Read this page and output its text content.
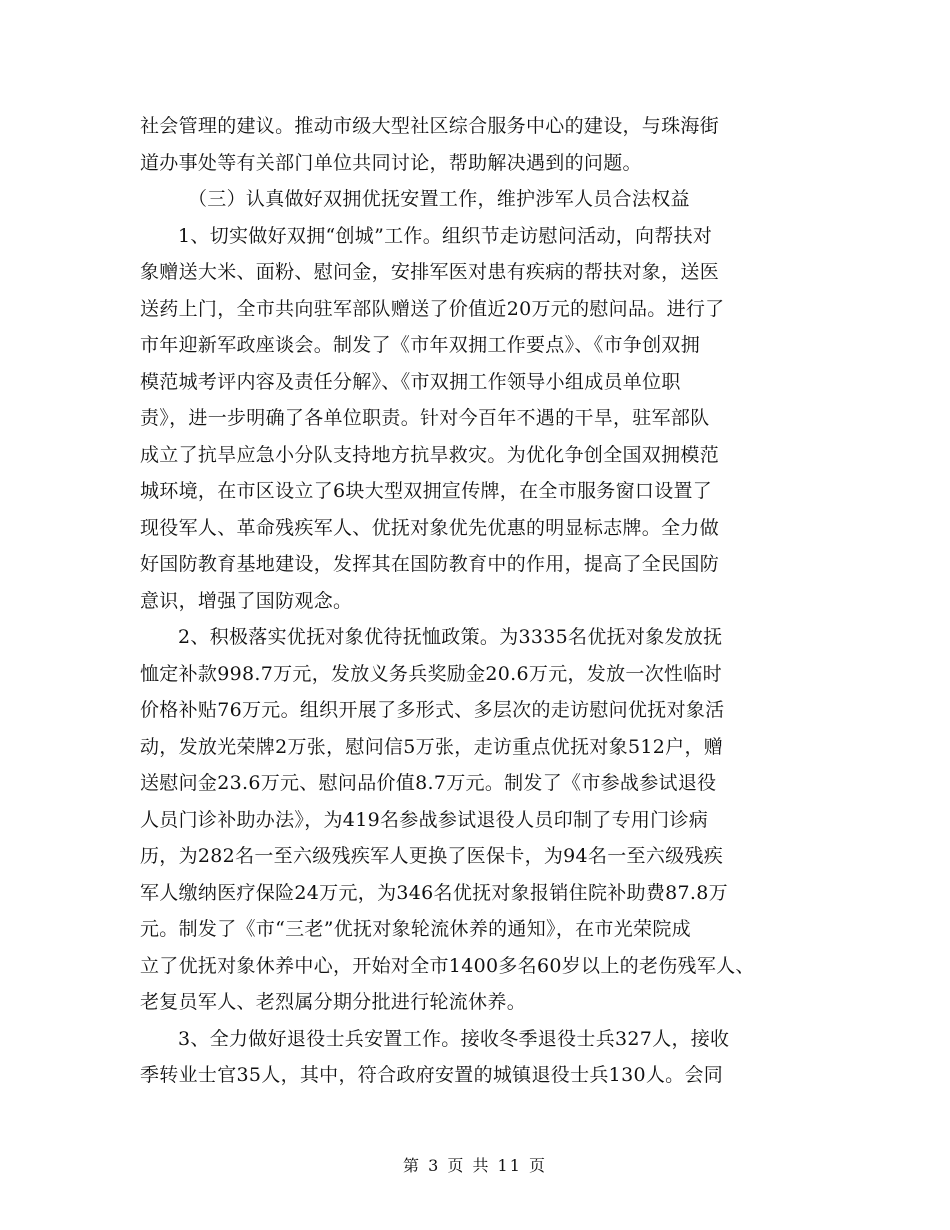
社会管理的建议。推动市级大型社区综合服务中心的建设，与珠海街
道办事处等有关部门单位共同讨论，帮助解决遇到的问题。
（三）认真做好双拥优抚安置工作，维护涉军人员合法权益
1、切实做好双拥“创城”工作。组织节走访慰问活动，向帮扶对
象赠送大米、面粉、慰问金，安排军医对患有疾病的帮扶对象，送医
送药上门，全市共向驻军部队赠送了价值近20万元的慰问品。进行了
市年迎新军政座谈会。制发了《市年双拥工作要点》、《市争创双拥
模范城考评内容及责任分解》、《市双拥工作领导小组成员单位职
责》，进一步明确了各单位职责。针对今百年不遇的干旱，驻军部队
成立了抗旱应急小分队支持地方抗旱救灾。为优化争创全国双拥模范
城环境，在市区设立了6块大型双拥宣传牌，在全市服务窗口设置了
现役军人、革命残疾军人、优抚对象优先优惠的明显标志牌。全力做
好国防教育基地建设，发挥其在国防教育中的作用，提高了全民国防
意识，增强了国防观念。
2、积极落实优抚对象优待抚恤政策。为3335名优抚对象发放抚
恤定补款998.7万元，发放义务兵奖励金20.6万元，发放一次性临时
价格补贴76万元。组织开展了多形式、多层次的走访慰问优抚对象活
动，发放光荣牌2万张，慰问信5万张，走访重点优抚对象512户，赠
送慰问金23.6万元、慰问品价值8.7万元。制发了《市参战参试退役
人员门诊补助办法》，为419名参战参试退役人员印制了专用门诊病
历，为282名一至六级残疾军人更换了医保卡，为94名一至六级残疾
军人缴纳医疗保险24万元，为346名优抚对象报销住院补助费87.8万
元。制发了《市“三老”优抚对象轮流休养的通知》，在市光荣院成
立了优抚对象休养中心，开始对全市1400多名60岁以上的老伤残军人、
老复员军人、老烈属分期分批进行轮流休养。
3、全力做好退役士兵安置工作。接收冬季退役士兵327人，接收
季转业士官35人，其中，符合政府安置的城镇退役士兵130人。会同
第 3 页 共 11 页
